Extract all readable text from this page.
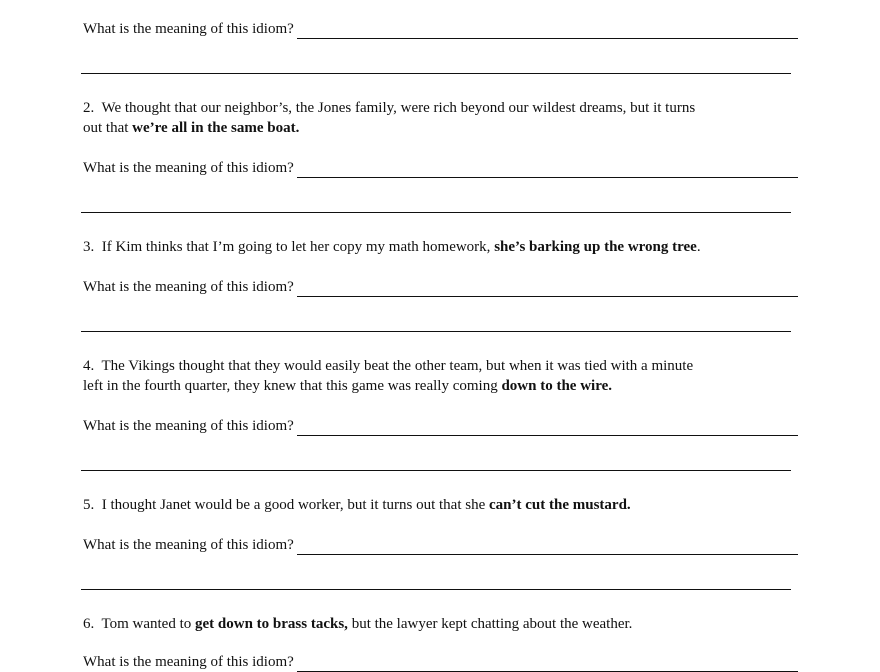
What is the meaning of this idiom?
2. We thought that our neighbor’s, the Jones family, were rich beyond our wildest dreams, but it turns
out that we’re all in the same boat.
What is the meaning of this idiom?
3. If Kim thinks that I’m going to let her copy my math homework, she’s barking up the wrong tree.
What is the meaning of this idiom?
4. The Vikings thought that they would easily beat the other team, but when it was tied with a minute
left in the fourth quarter, they knew that this game was really coming down to the wire.
What is the meaning of this idiom?
5. I thought Janet would be a good worker, but it turns out that she can’t cut the mustard.
What is the meaning of this idiom?
6. Tom wanted to get down to brass tacks, but the lawyer kept chatting about the weather.
What is the meaning of this idiom?
